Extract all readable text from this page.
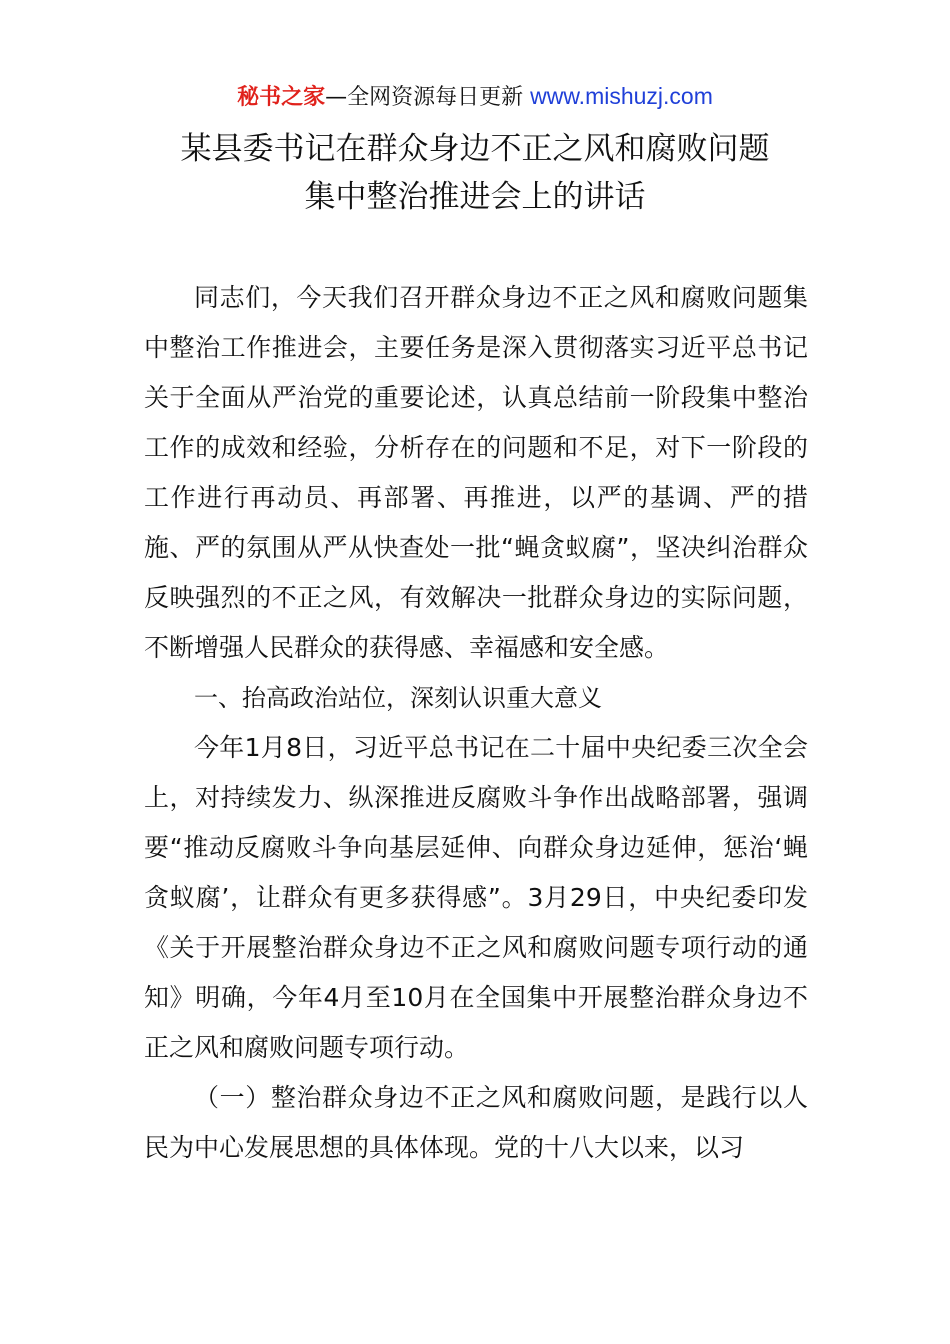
秘书之家—全网资源每日更新 www.mishuzj.com
某县委书记在群众身边不正之风和腐败问题
集中整治推进会上的讲话

同志们，今天我们召开群众身边不正之风和腐败问题集中整治工作推进会，主要任务是深入贯彻落实习近平总书记关于全面从严治党的重要论述，认真总结前一阶段集中整治工作的成效和经验，分析存在的问题和不足，对下一阶段的工作进行再动员、再部署、再推进，以严的基调、严的措施、严的氛围从严从快查处一批“蝇贪蚁腐”，坚决纠治群众反映强烈的不正之风，有效解决一批群众身边的实际问题，不断增强人民群众的获得感、幸福感和安全感。

一、抬高政治站位，深刻认识重大意义

今年1月8日，习近平总书记在二十届中央纪委三次全会上，对持续发力、纵深推进反腐败斗争作出战略部署，强调要“推动反腐败斗争向基层延伸、向群众身边延伸，惩治‘蝇贪蚁腐’，让群众有更多获得感”。3月29日，中央纪委印发《关于开展整治群众身边不正之风和腐败问题专项行动的通知》明确，今年4月至10月在全国集中开展整治群众身边不正之风和腐败问题专项行动。

（一）整治群众身边不正之风和腐败问题，是践行以人民为中心发展思想的具体体现。党的十八大以来，以习
